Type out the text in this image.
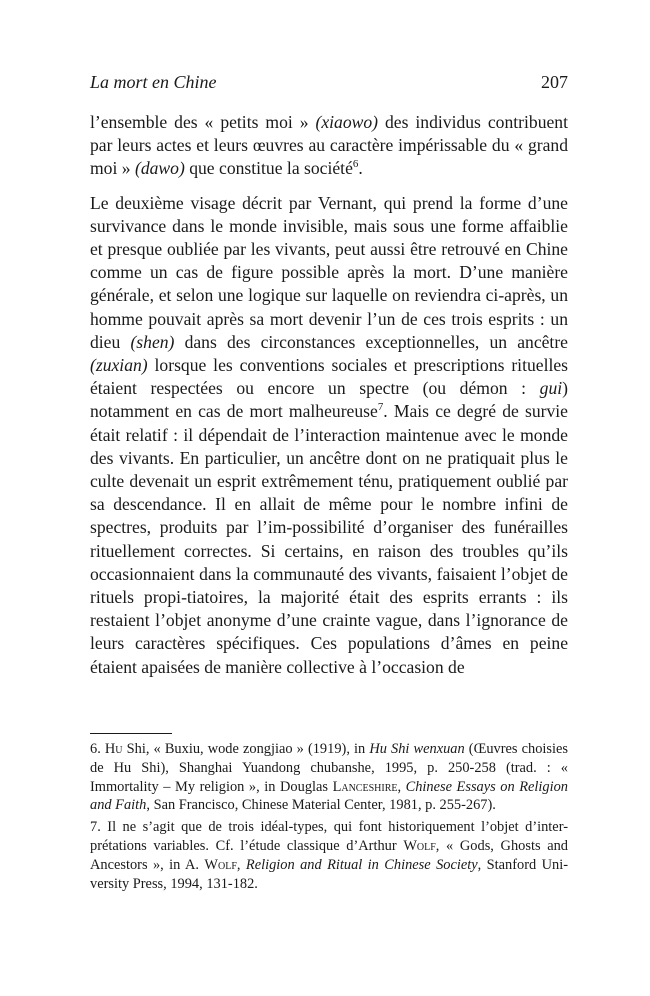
La mort en Chine	207

l’ensemble des « petits moi » (xiaowo) des individus contribuent par leurs actes et leurs œuvres au caractère impérissable du « grand moi » (dawo) que constitue la société$^6$.

Le deuxième visage décrit par Vernant, qui prend la forme d’une survivance dans le monde invisible, mais sous une forme affaiblie et presque oubliée par les vivants, peut aussi être retrouvé en Chine comme un cas de figure possible après la mort. D’une manière générale, et selon une logique sur laquelle on reviendra ci-après, un homme pouvait après sa mort devenir l’un de ces trois esprits : un dieu (shen) dans des circonstances exceptionnelles, un ancêtre (zuxian) lorsque les conventions sociales et prescriptions rituelles étaient respectées ou encore un spectre (ou démon : gui) notamment en cas de mort malheureuse$^7$. Mais ce degré de survie était relatif : il dépendait de l’interaction maintenue avec le monde des vivants. En particulier, un ancêtre dont on ne pratiquait plus le culte devenait un esprit extrêmement ténu, pratiquement oublié par sa descendance. Il en allait de même pour le nombre infini de spectres, produits par l’im-possibilité d’organiser des funérailles rituellement correctes. Si certains, en raison des troubles qu’ils occasionnaient dans la communauté des vivants, faisaient l’objet de rituels propi-tiatoires, la majorité était des esprits errants : ils restaient l’objet anonyme d’une crainte vague, dans l’ignorance de leurs caractères spécifiques. Ces populations d’âmes en peine étaient apaisées de manière collective à l’occasion de

6. Hu Shi, « Buxiu, wode zongjiao » (1919), in Hu Shi wenxuan (Œuvres choisies de Hu Shi), Shanghai Yuandong chubanshe, 1995, p. 250-258 (trad. : « Immortality – My religion », in Douglas Lanceshire, Chinese Essays on Religion and Faith, San Francisco, Chinese Material Center, 1981, p. 255-267).

7. Il ne s’agit que de trois idéal-types, qui font historiquement l’objet d’inter-prétations variables. Cf. l’étude classique d’Arthur Wolf, « Gods, Ghosts and Ancestors », in A. Wolf, Religion and Ritual in Chinese Society, Stanford Uni-versity Press, 1994, 131-182.
